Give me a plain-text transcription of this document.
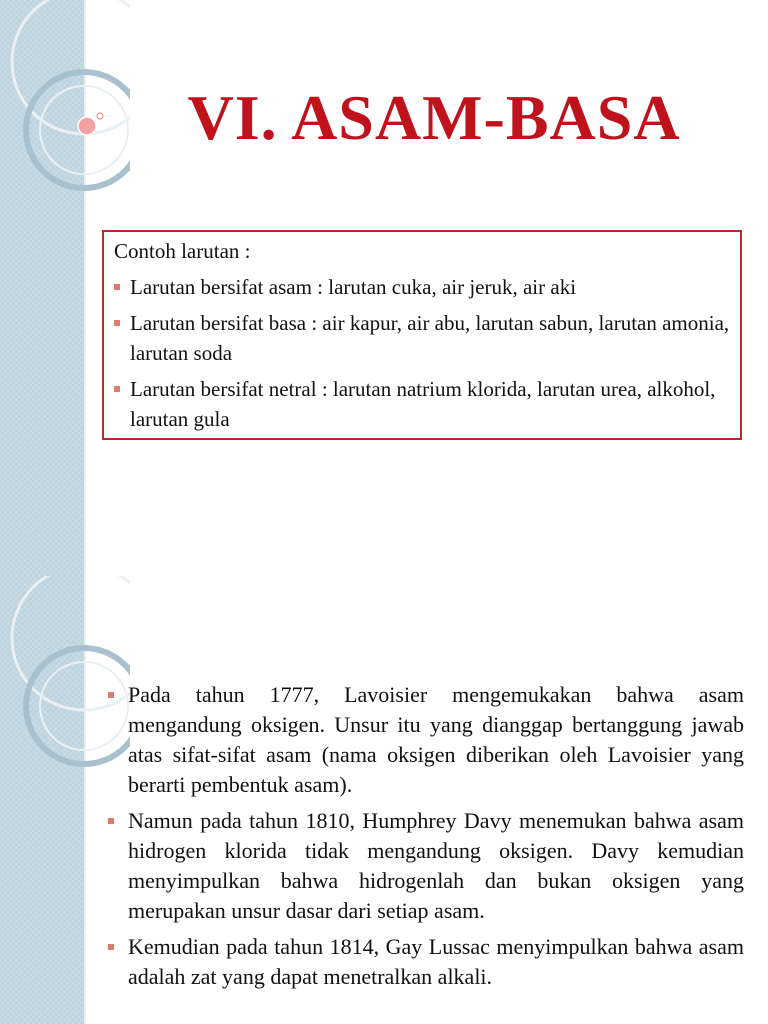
VI. ASAM-BASA

Contoh larutan :

Larutan bersifat asam : larutan cuka, air jeruk, air aki
Larutan bersifat basa : air kapur, air abu, larutan sabun, larutan amonia, larutan soda
Larutan bersifat netral : larutan natrium klorida, larutan urea, alkohol, larutan gula
Pada tahun 1777, Lavoisier mengemukakan bahwa asam mengandung oksigen. Unsur itu yang dianggap bertanggung jawab atas sifat-sifat asam (nama oksigen diberikan oleh Lavoisier yang berarti pembentuk asam).
Namun pada tahun 1810, Humphrey Davy menemukan bahwa asam hidrogen klorida tidak mengandung oksigen. Davy kemudian menyimpulkan bahwa hidrogenlah dan bukan oksigen yang merupakan unsur dasar dari setiap asam.
Kemudian pada tahun 1814, Gay Lussac menyimpulkan bahwa asam adalah zat yang dapat menetralkan alkali.
